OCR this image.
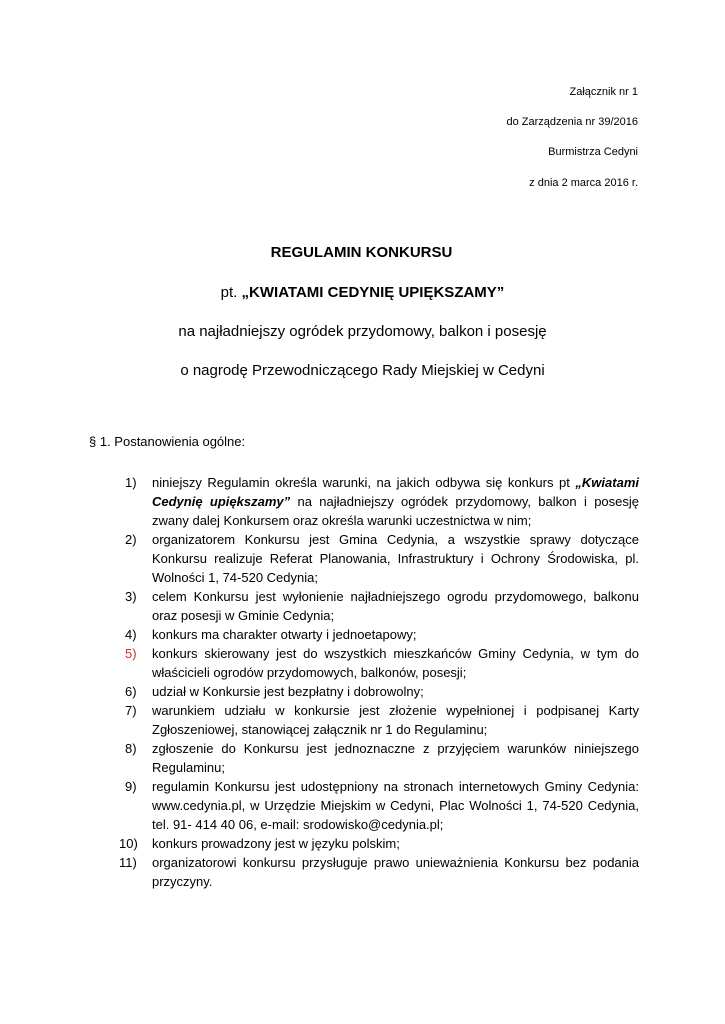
Załącznik nr 1
do Zarządzenia nr 39/2016
Burmistrza Cedyni
z dnia 2 marca 2016 r.
REGULAMIN KONKURSU
pt. „KWIATAMI CEDYNIĘ UPIĘKSZAMY”
na najładniejszy ogródek przydomowy, balkon i posesję
o nagrodę Przewodniczącego Rady Miejskiej w Cedyni
§ 1. Postanowienia ogólne:
1)	niniejszy Regulamin określa warunki, na jakich odbywa się konkurs pt „Kwiatami Cedynię upiększamy” na najładniejszy ogródek przydomowy, balkon i posesję zwany dalej Konkursem oraz określa warunki uczestnictwa w nim;
2)	organizatorem Konkursu jest Gmina Cedynia, a wszystkie sprawy dotyczące Konkursu realizuje Referat Planowania, Infrastruktury i Ochrony Środowiska, pl. Wolności 1, 74-520 Cedynia;
3)	celem Konkursu jest wyłonienie najładniejszego ogrodu przydomowego, balkonu oraz posesji w Gminie Cedynia;
4)	konkurs ma charakter otwarty i jednoetapowy;
5)	konkurs skierowany jest do wszystkich mieszkańców Gminy Cedynia, w tym do właścicieli ogrodów przydomowych, balkonów, posesji;
6)	udział w Konkursie jest bezpłatny i dobrowolny;
7)	warunkiem udziału w konkursie jest złożenie wypełnionej i podpisanej Karty Zgłoszeniowej, stanowiącej załącznik nr 1 do Regulaminu;
8)	zgłoszenie do Konkursu jest jednoznaczne z przyjęciem warunków niniejszego Regulaminu;
9)	regulamin Konkursu jest udostępniony na stronach internetowych Gminy Cedynia: www.cedynia.pl, w Urzędzie Miejskim w Cedyni, Plac Wolności 1, 74-520 Cedynia, tel. 91- 414 40 06, e-mail: srodowisko@cedynia.pl;
10) konkurs prowadzony jest w języku polskim;
11)	organizatorowi konkursu przysługuje prawo unieważnienia Konkursu bez podania przyczyny.
